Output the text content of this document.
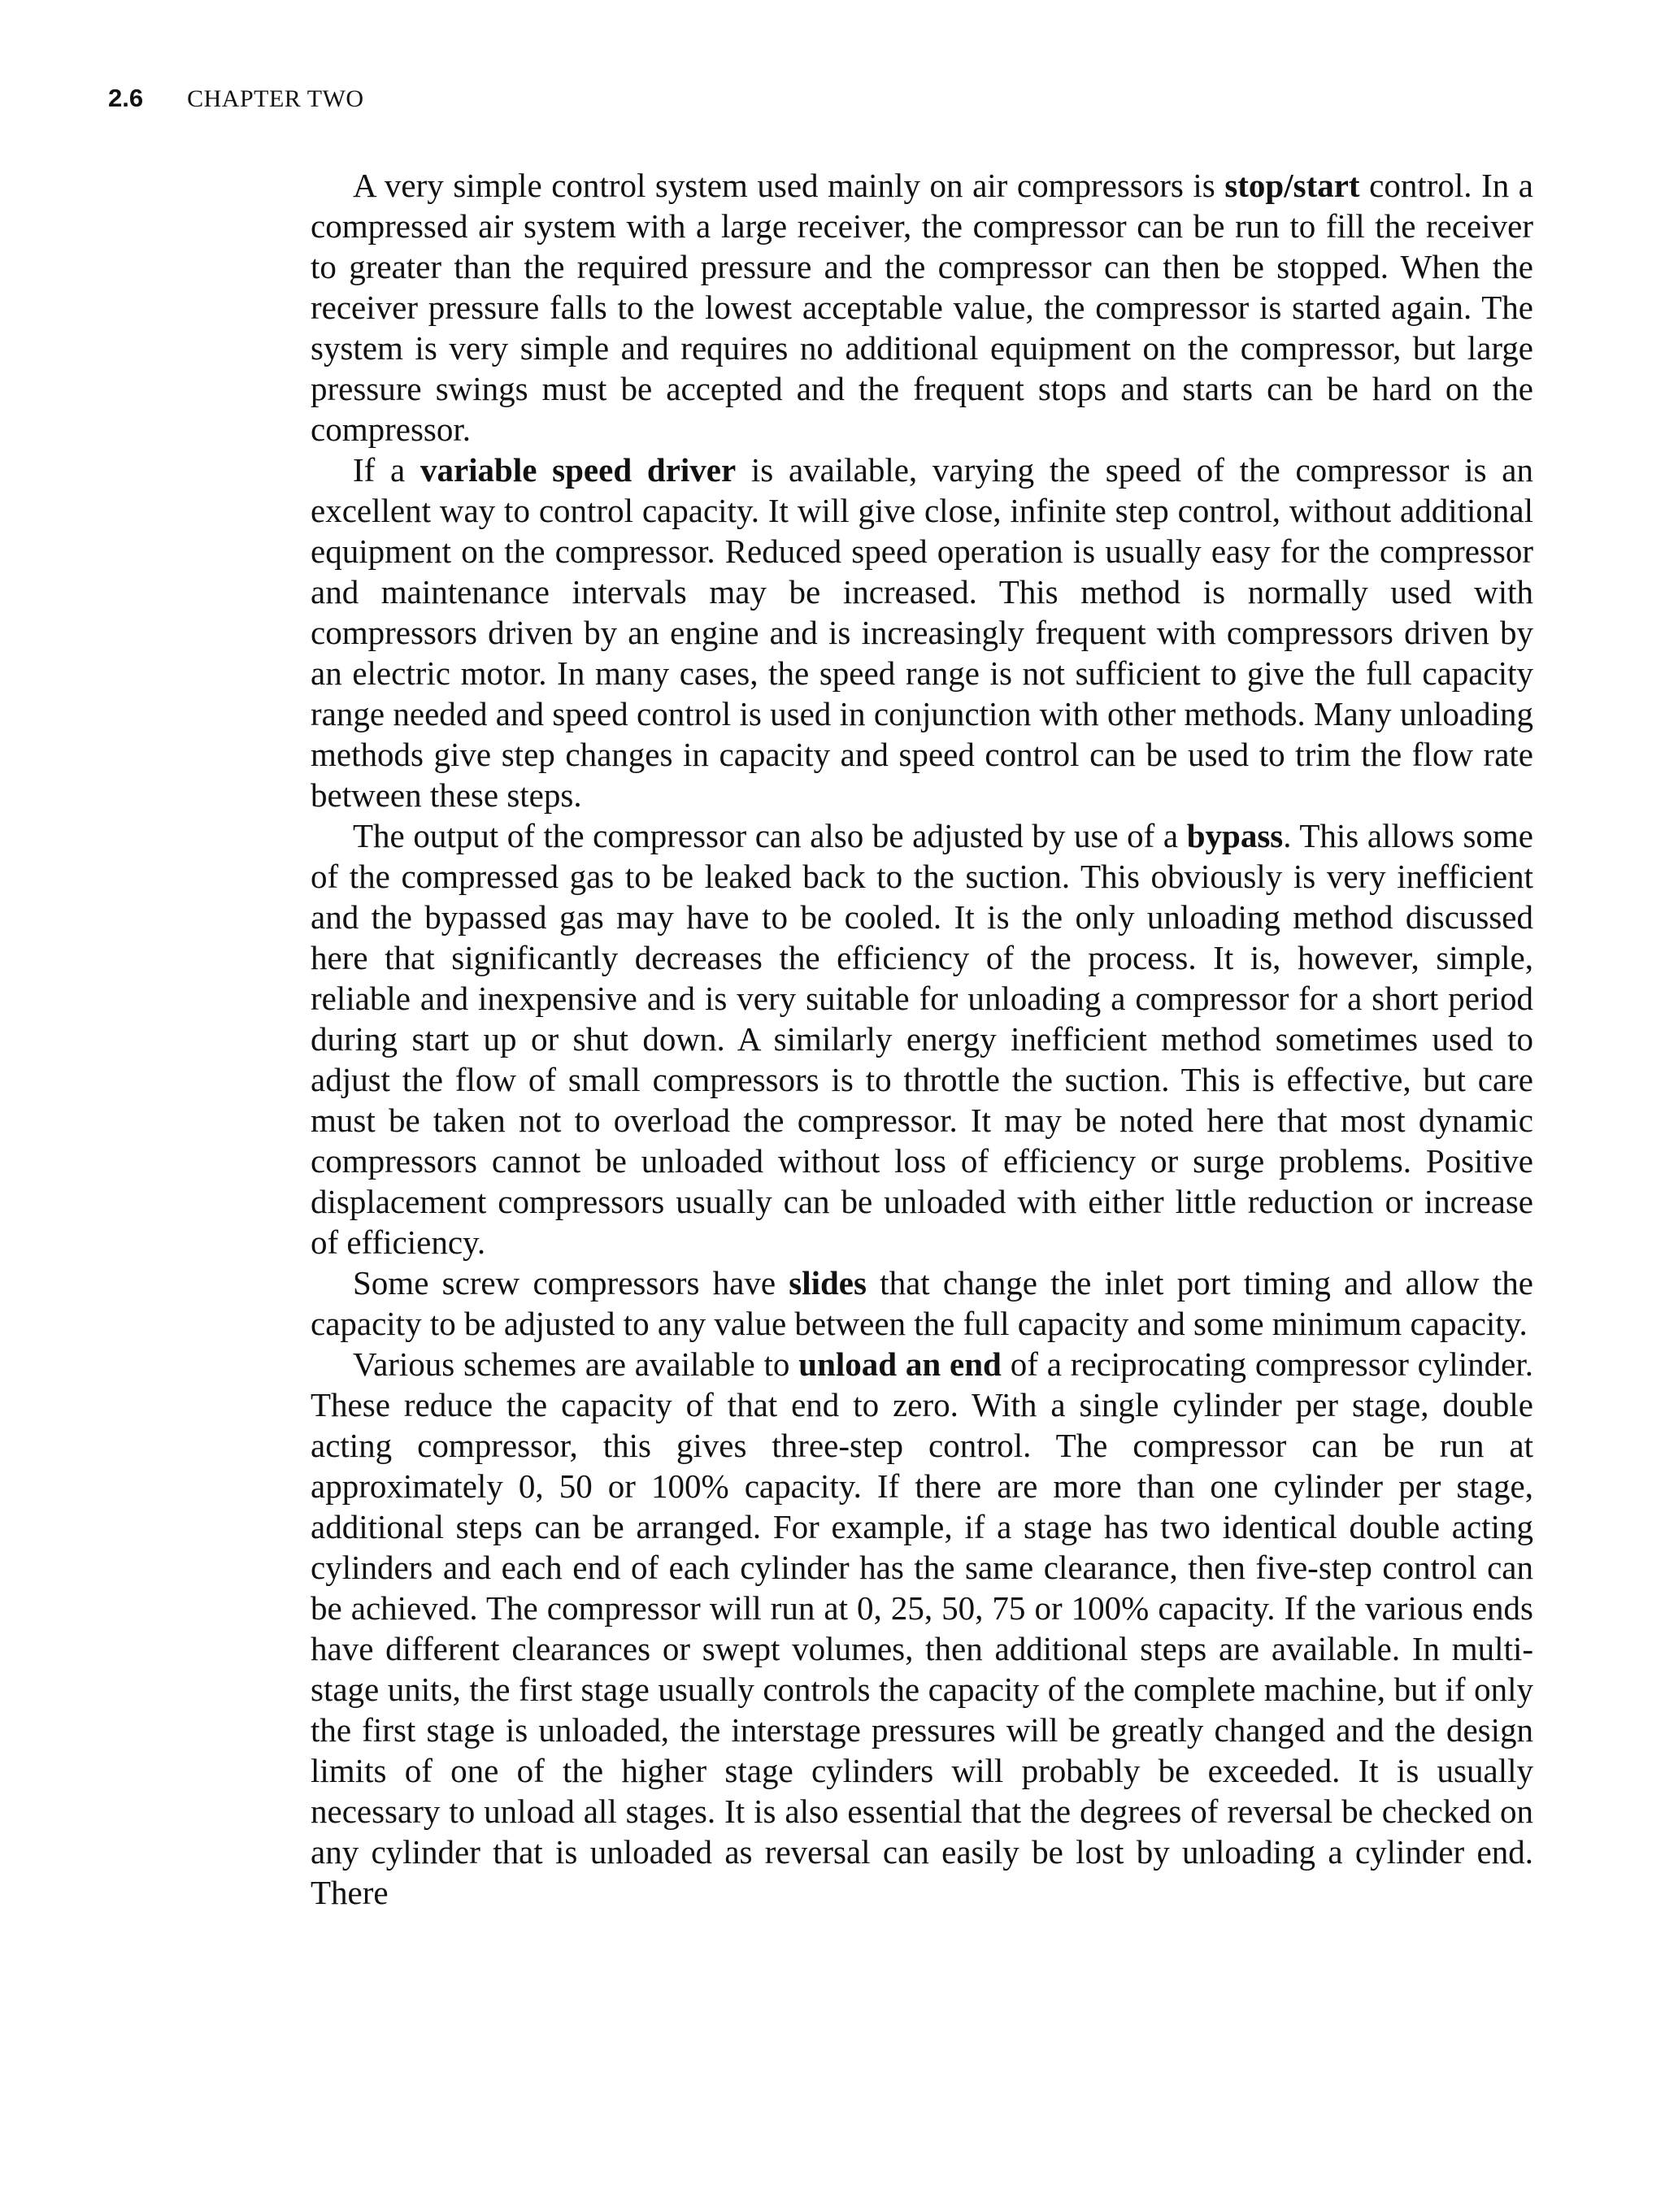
2.6 CHAPTER TWO

A very simple control system used mainly on air compressors is stop/start control. In a compressed air system with a large receiver, the compressor can be run to fill the receiver to greater than the required pressure and the compressor can then be stopped. When the receiver pressure falls to the lowest acceptable value, the compressor is started again. The system is very simple and requires no additional equipment on the compressor, but large pressure swings must be accepted and the frequent stops and starts can be hard on the compressor.

If a variable speed driver is available, varying the speed of the compressor is an excellent way to control capacity. It will give close, infinite step control, without additional equipment on the compressor. Reduced speed operation is usually easy for the compressor and maintenance intervals may be increased. This method is normally used with compressors driven by an engine and is increasingly frequent with compressors driven by an electric motor. In many cases, the speed range is not sufficient to give the full capacity range needed and speed control is used in conjunction with other methods. Many unloading methods give step changes in capacity and speed control can be used to trim the flow rate between these steps.

The output of the compressor can also be adjusted by use of a bypass. This allows some of the compressed gas to be leaked back to the suction. This obviously is very inefficient and the bypassed gas may have to be cooled. It is the only unloading method discussed here that significantly decreases the efficiency of the process. It is, however, simple, reliable and inexpensive and is very suitable for unloading a compressor for a short period during start up or shut down. A similarly energy inefficient method sometimes used to adjust the flow of small compressors is to throttle the suction. This is effective, but care must be taken not to overload the compressor. It may be noted here that most dynamic compressors cannot be unloaded without loss of efficiency or surge problems. Positive displacement compressors usually can be unloaded with either little reduction or increase of efficiency.

Some screw compressors have slides that change the inlet port timing and allow the capacity to be adjusted to any value between the full capacity and some minimum capacity.

Various schemes are available to unload an end of a reciprocating compressor cylinder. These reduce the capacity of that end to zero. With a single cylinder per stage, double acting compressor, this gives three-step control. The compressor can be run at approximately 0, 50 or 100% capacity. If there are more than one cylinder per stage, additional steps can be arranged. For example, if a stage has two identical double acting cylinders and each end of each cylinder has the same clearance, then five-step control can be achieved. The compressor will run at 0, 25, 50, 75 or 100% capacity. If the various ends have different clearances or swept volumes, then additional steps are available. In multi-stage units, the first stage usually controls the capacity of the complete machine, but if only the first stage is unloaded, the interstage pressures will be greatly changed and the design limits of one of the higher stage cylinders will probably be exceeded. It is usually necessary to unload all stages. It is also essential that the degrees of reversal be checked on any cylinder that is unloaded as reversal can easily be lost by unloading a cylinder end. There
